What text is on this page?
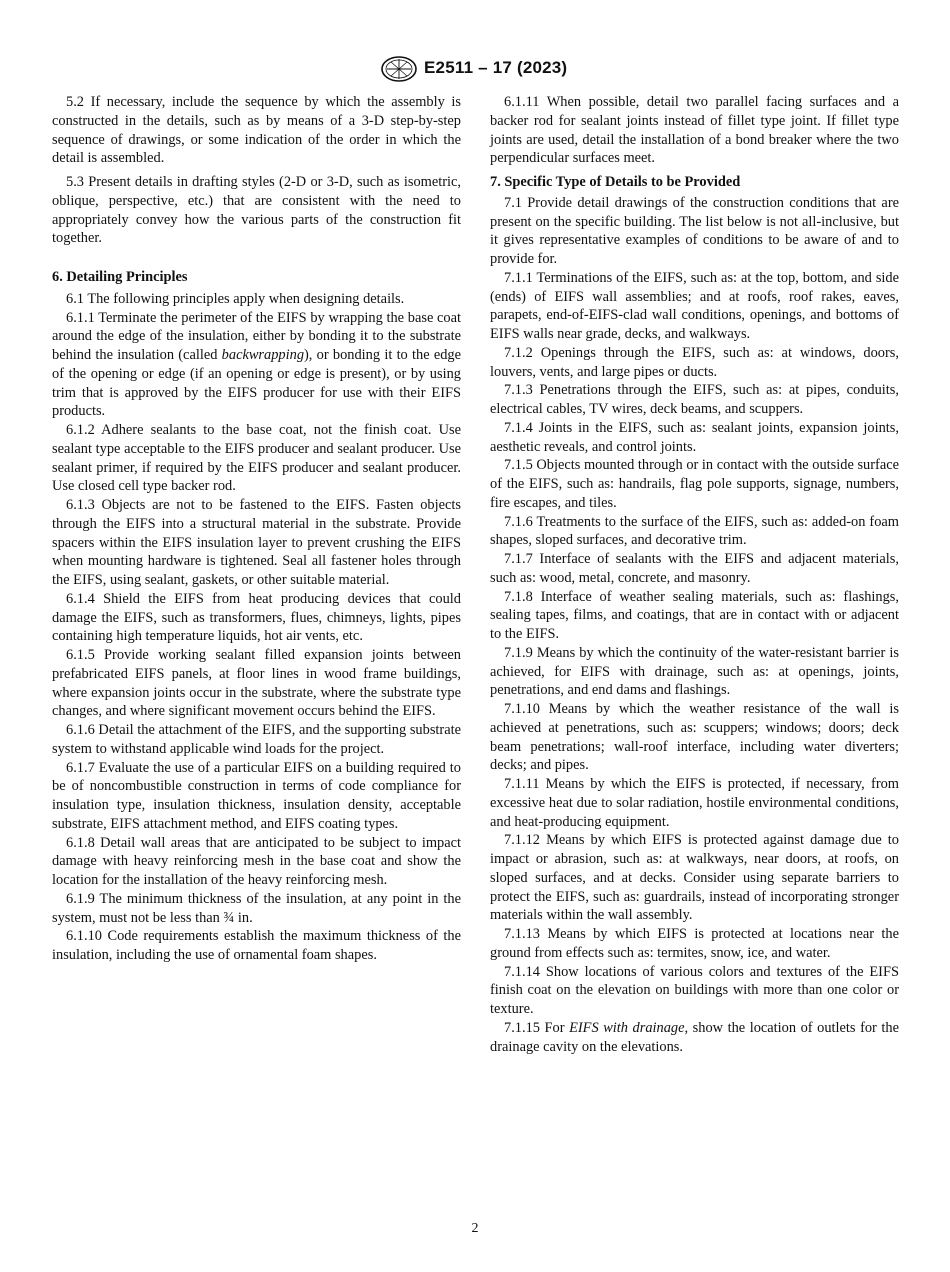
E2511 – 17 (2023)

5.2 If necessary, include the sequence by which the assembly is constructed in the details, such as by means of a 3-D step-by-step sequence of drawings, or some indication of the order in which the detail is assembled.

5.3 Present details in drafting styles (2-D or 3-D, such as isometric, oblique, perspective, etc.) that are consistent with the need to appropriately convey how the various parts of the construction fit together.

6. Detailing Principles

6.1 The following principles apply when designing details.

6.1.1 Terminate the perimeter of the EIFS by wrapping the base coat around the edge of the insulation, either by bonding it to the substrate behind the insulation (called backwrapping), or bonding it to the edge of the opening or edge (if an opening or edge is present), or by using trim that is approved by the EIFS producer for use with their EIFS products.

6.1.2 Adhere sealants to the base coat, not the finish coat. Use sealant type acceptable to the EIFS producer and sealant producer. Use sealant primer, if required by the EIFS producer and sealant producer. Use closed cell type backer rod.

6.1.3 Objects are not to be fastened to the EIFS. Fasten objects through the EIFS into a structural material in the substrate. Provide spacers within the EIFS insulation layer to prevent crushing the EIFS when mounting hardware is tightened. Seal all fastener holes through the EIFS, using sealant, gaskets, or other suitable material.

6.1.4 Shield the EIFS from heat producing devices that could damage the EIFS, such as transformers, flues, chimneys, lights, pipes containing high temperature liquids, hot air vents, etc.

6.1.5 Provide working sealant filled expansion joints between prefabricated EIFS panels, at floor lines in wood frame buildings, where expansion joints occur in the substrate, where the substrate type changes, and where significant movement occurs behind the EIFS.

6.1.6 Detail the attachment of the EIFS, and the supporting substrate system to withstand applicable wind loads for the project.

6.1.7 Evaluate the use of a particular EIFS on a building required to be of noncombustible construction in terms of code compliance for insulation type, insulation thickness, insulation density, acceptable substrate, EIFS attachment method, and EIFS coating types.

6.1.8 Detail wall areas that are anticipated to be subject to impact damage with heavy reinforcing mesh in the base coat and show the location for the installation of the heavy reinforcing mesh.

6.1.9 The minimum thickness of the insulation, at any point in the system, must not be less than ¾ in.

6.1.10 Code requirements establish the maximum thickness of the insulation, including the use of ornamental foam shapes.

6.1.11 When possible, detail two parallel facing surfaces and a backer rod for sealant joints instead of fillet type joint. If fillet type joints are used, detail the installation of a bond breaker where the two perpendicular surfaces meet.

7. Specific Type of Details to be Provided

7.1 Provide detail drawings of the construction conditions that are present on the specific building. The list below is not all-inclusive, but it gives representative examples of conditions to be aware of and to provide for.

7.1.1 Terminations of the EIFS, such as: at the top, bottom, and side (ends) of EIFS wall assemblies; and at roofs, roof rakes, eaves, parapets, end-of-EIFS-clad wall conditions, openings, and bottoms of EIFS walls near grade, decks, and walkways.

7.1.2 Openings through the EIFS, such as: at windows, doors, louvers, vents, and large pipes or ducts.

7.1.3 Penetrations through the EIFS, such as: at pipes, conduits, electrical cables, TV wires, deck beams, and scuppers.

7.1.4 Joints in the EIFS, such as: sealant joints, expansion joints, aesthetic reveals, and control joints.

7.1.5 Objects mounted through or in contact with the outside surface of the EIFS, such as: handrails, flag pole supports, signage, numbers, fire escapes, and tiles.

7.1.6 Treatments to the surface of the EIFS, such as: added-on foam shapes, sloped surfaces, and decorative trim.

7.1.7 Interface of sealants with the EIFS and adjacent materials, such as: wood, metal, concrete, and masonry.

7.1.8 Interface of weather sealing materials, such as: flashings, sealing tapes, films, and coatings, that are in contact with or adjacent to the EIFS.

7.1.9 Means by which the continuity of the water-resistant barrier is achieved, for EIFS with drainage, such as: at openings, joints, penetrations, and end dams and flashings.

7.1.10 Means by which the weather resistance of the wall is achieved at penetrations, such as: scuppers; windows; doors; deck beam penetrations; wall-roof interface, including water diverters; decks; and pipes.

7.1.11 Means by which the EIFS is protected, if necessary, from excessive heat due to solar radiation, hostile environmental conditions, and heat-producing equipment.

7.1.12 Means by which EIFS is protected against damage due to impact or abrasion, such as: at walkways, near doors, at roofs, on sloped surfaces, and at decks. Consider using separate barriers to protect the EIFS, such as: guardrails, instead of incorporating stronger materials within the wall assembly.

7.1.13 Means by which EIFS is protected at locations near the ground from effects such as: termites, snow, ice, and water.

7.1.14 Show locations of various colors and textures of the EIFS finish coat on the elevation on buildings with more than one color or texture.

7.1.15 For EIFS with drainage, show the location of outlets for the drainage cavity on the elevations.

2
